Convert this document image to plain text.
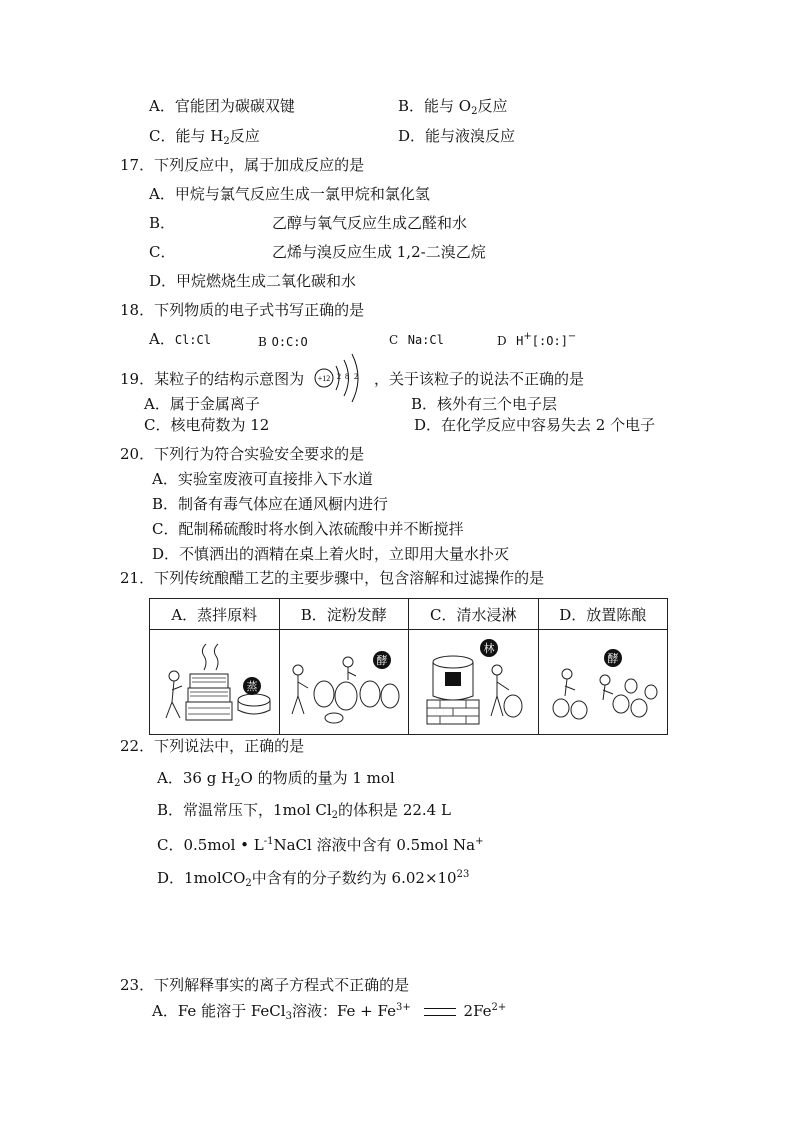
A．官能团为碳碳双键	B．能与 $O_2$反应
C．能与 $H_2$反应	D．能与液溴反应
17．下列反应中，属于加成反应的是
A．甲烷与氯气反应生成一氯甲烷和氯化氢
B．	乙醇与氧气反应生成乙醛和水
C．	乙烯与溴反应生成 1,2-二溴乙烷
D．甲烷燃烧生成二氧化碳和水
18．下列物质的电子式书写正确的是
A．Cl:Cl	B O:C:O	C Na:Cl	D H+[:O:]−
19．某粒子的结构示意图为 +12 2 8 2 ，关于该粒子的说法不正确的是
A．属于金属离子	B．核外有三个电子层
C．核电荷数为 12	D．在化学反应中容易失去 2 个电子
20．下列行为符合实验安全要求的是
A．实验室废液可直接排入下水道
B．制备有毒气体应在通风橱内进行
C．配制稀硫酸时将水倒入浓硫酸中并不断搅拌
D．不慎洒出的酒精在桌上着火时，立即用大量水扑灭
21．下列传统酿醋工艺的主要步骤中，包含溶解和过滤操作的是
A．蒸拌原料	B．淀粉发酵	C．清水浸淋	D．放置陈酿

蒸	酵	林	酵
22．下列说法中，正确的是
A．36 g $H_2O$ 的物质的量为 1 mol
B．常温常压下，1mol $Cl_2$的体积是 22.4 L
C．0.5mol • $L^{-1}NaCl$ 溶液中含有 0.5mol Na+
D．1molCO$_2$中含有的分子数约为 $6.02\times 10^{23}$
23．下列解释事实的离子方程式不正确的是
A．Fe 能溶于 FeCl$_3$溶液：$Fe + Fe^{3+}$	$2Fe^{2+}$
